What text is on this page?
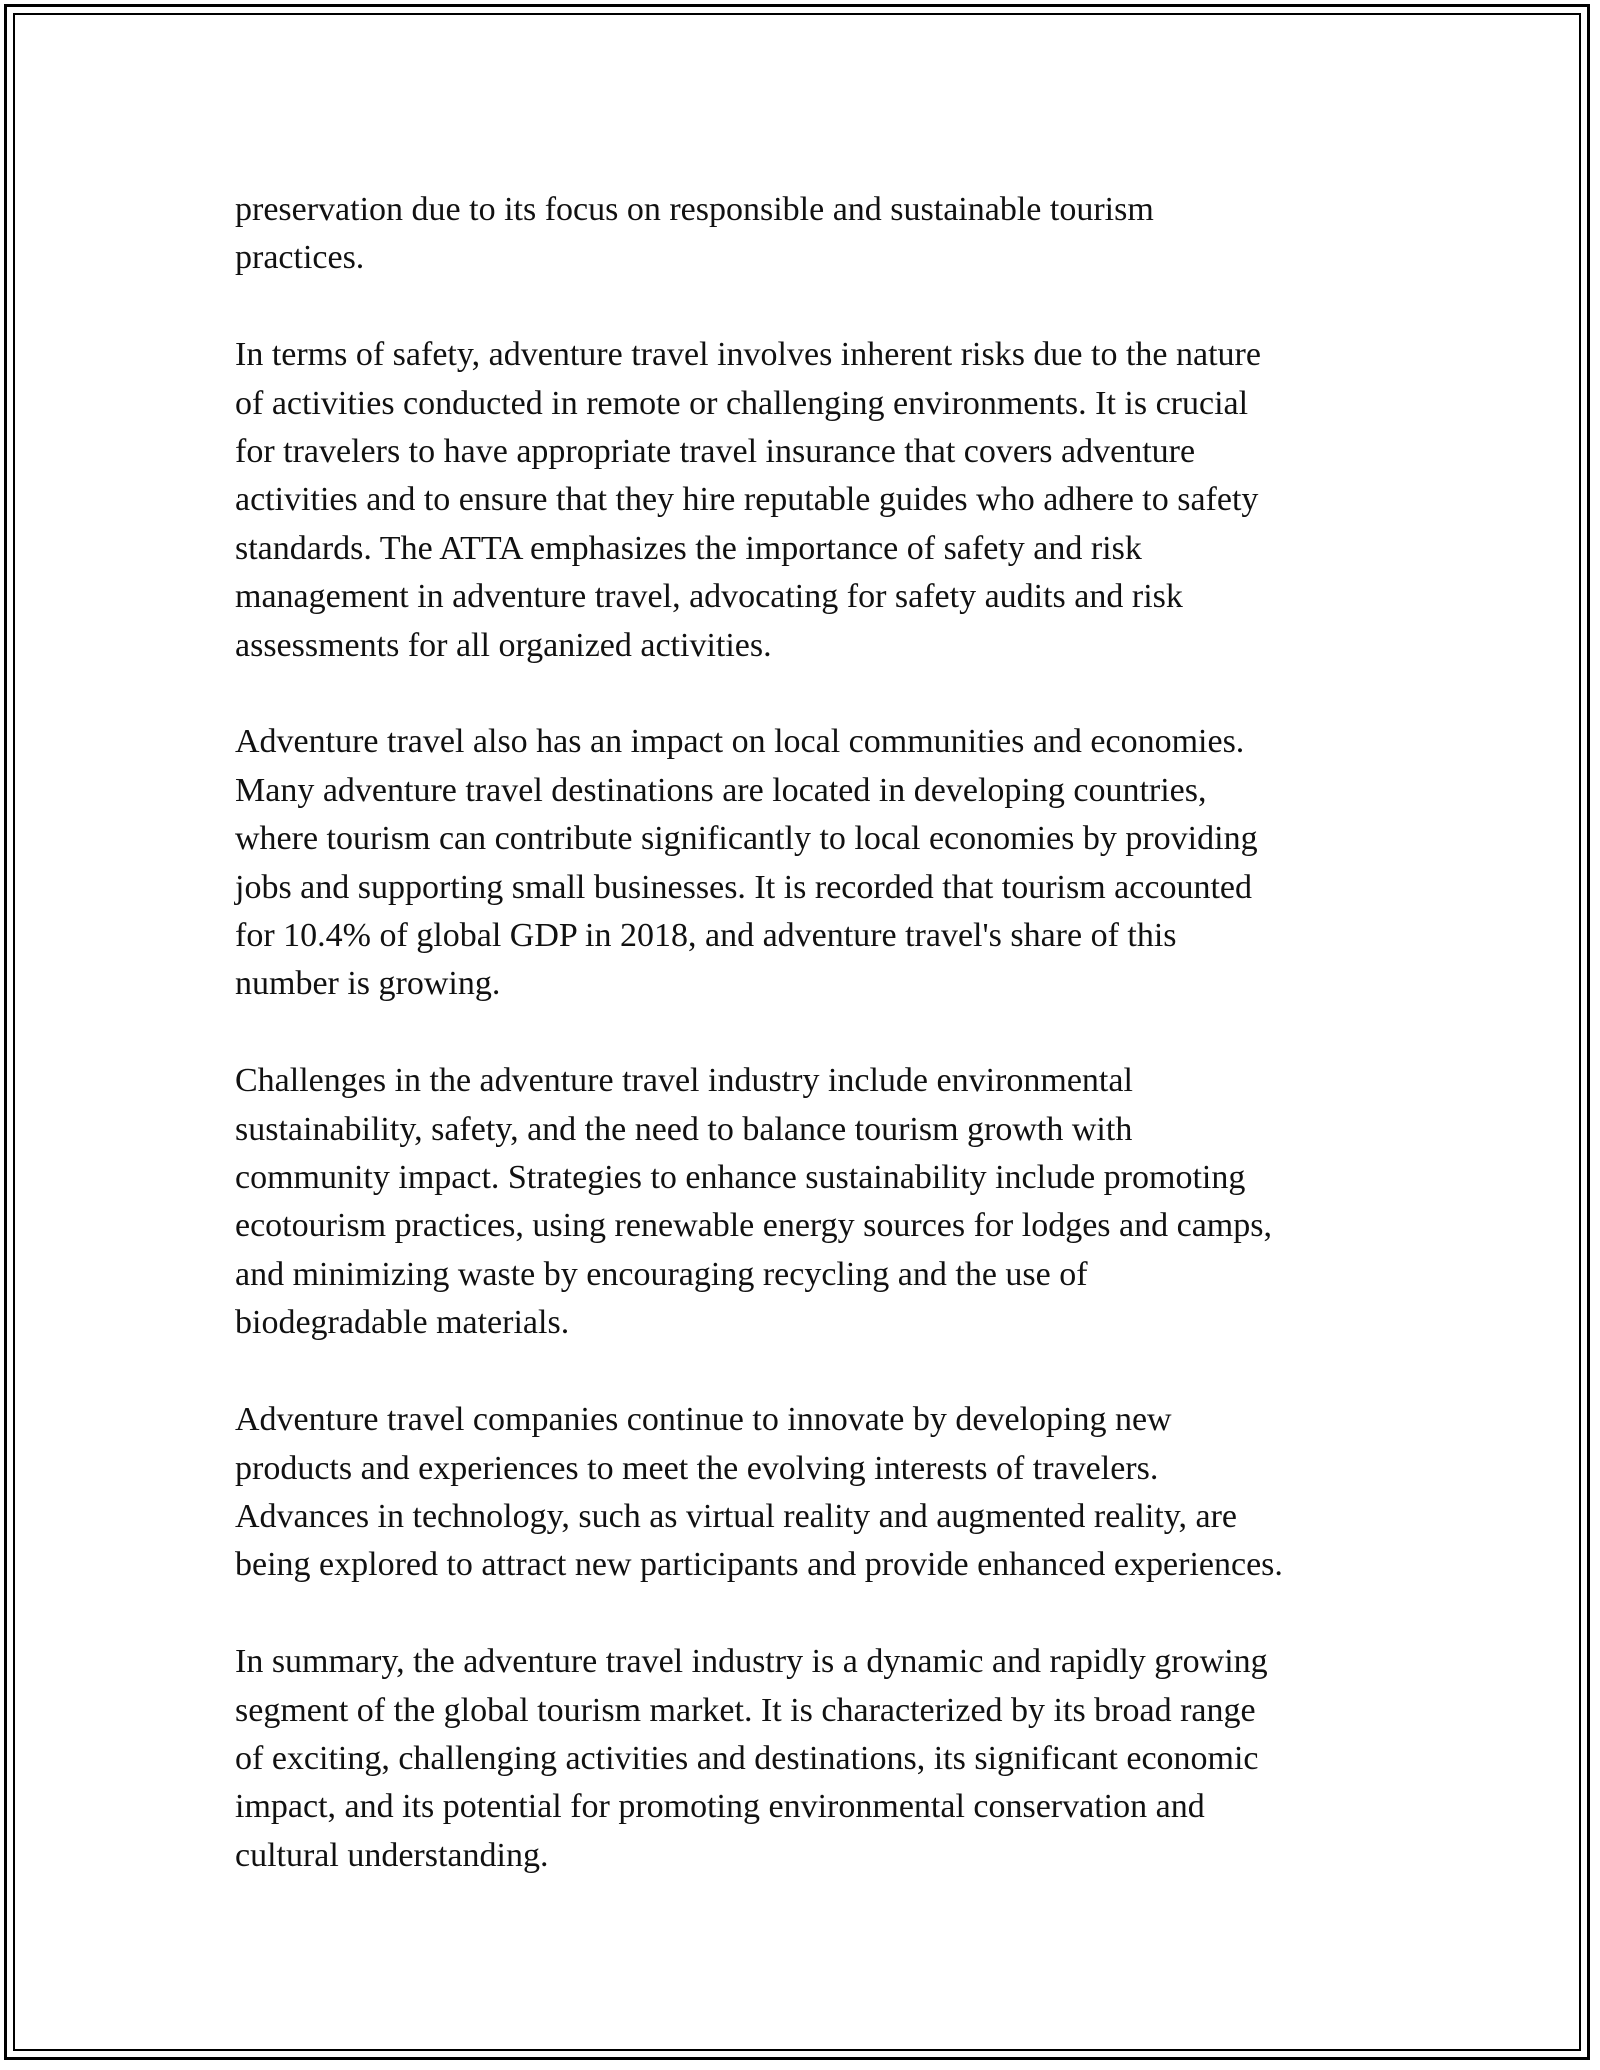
preservation due to its focus on responsible and sustainable tourism
practices.

In terms of safety, adventure travel involves inherent risks due to the nature
of activities conducted in remote or challenging environments. It is crucial
for travelers to have appropriate travel insurance that covers adventure
activities and to ensure that they hire reputable guides who adhere to safety
standards. The ATTA emphasizes the importance of safety and risk
management in adventure travel, advocating for safety audits and risk
assessments for all organized activities.

Adventure travel also has an impact on local communities and economies.
Many adventure travel destinations are located in developing countries,
where tourism can contribute significantly to local economies by providing
jobs and supporting small businesses. It is recorded that tourism accounted
for 10.4% of global GDP in 2018, and adventure travel's share of this
number is growing.

Challenges in the adventure travel industry include environmental
sustainability, safety, and the need to balance tourism growth with
community impact. Strategies to enhance sustainability include promoting
ecotourism practices, using renewable energy sources for lodges and camps,
and minimizing waste by encouraging recycling and the use of
biodegradable materials.

Adventure travel companies continue to innovate by developing new
products and experiences to meet the evolving interests of travelers.
Advances in technology, such as virtual reality and augmented reality, are
being explored to attract new participants and provide enhanced experiences.

In summary, the adventure travel industry is a dynamic and rapidly growing
segment of the global tourism market. It is characterized by its broad range
of exciting, challenging activities and destinations, its significant economic
impact, and its potential for promoting environmental conservation and
cultural understanding.
